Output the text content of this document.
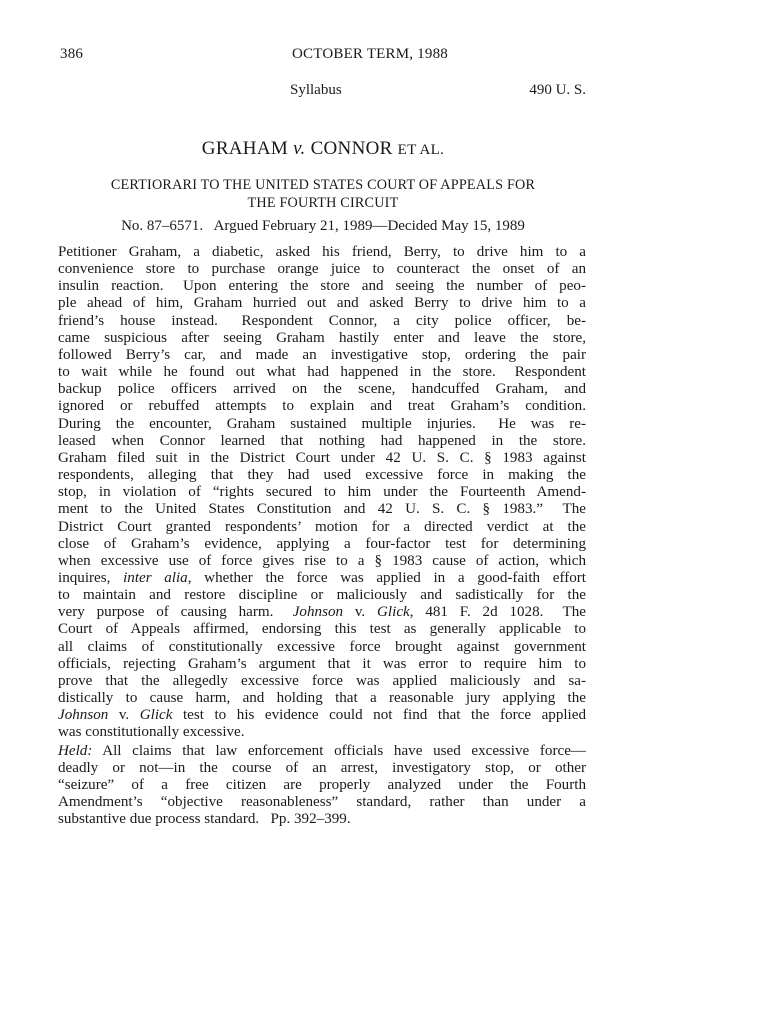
386	OCTOBER TERM, 1988
Syllabus	490 U. S.
GRAHAM v. CONNOR ET AL.
CERTIORARI TO THE UNITED STATES COURT OF APPEALS FOR
THE FOURTH CIRCUIT
No. 87–6571.   Argued February 21, 1989—Decided May 15, 1989

Petitioner Graham, a diabetic, asked his friend, Berry, to drive him to a
convenience store to purchase orange juice to counteract the onset of an
insulin reaction.  Upon entering the store and seeing the number of peo-
ple ahead of him, Graham hurried out and asked Berry to drive him to a
friend’s house instead.  Respondent Connor, a city police officer, be-
came suspicious after seeing Graham hastily enter and leave the store,
followed Berry’s car, and made an investigative stop, ordering the pair
to wait while he found out what had happened in the store.  Respondent
backup police officers arrived on the scene, handcuffed Graham, and
ignored or rebuffed attempts to explain and treat Graham’s condition.
During the encounter, Graham sustained multiple injuries.  He was re-
leased when Connor learned that nothing had happened in the store.
Graham filed suit in the District Court under 42 U. S. C. § 1983 against
respondents, alleging that they had used excessive force in making the
stop, in violation of “rights secured to him under the Fourteenth Amend-
ment to the United States Constitution and 42 U. S. C. § 1983.”  The
District Court granted respondents’ motion for a directed verdict at the
close of Graham’s evidence, applying a four-factor test for determining
when excessive use of force gives rise to a § 1983 cause of action, which
inquires, inter alia, whether the force was applied in a good-faith effort
to maintain and restore discipline or maliciously and sadistically for the
very purpose of causing harm.  Johnson v. Glick, 481 F. 2d 1028.  The
Court of Appeals affirmed, endorsing this test as generally applicable to
all claims of constitutionally excessive force brought against government
officials, rejecting Graham’s argument that it was error to require him to
prove that the allegedly excessive force was applied maliciously and sa-
distically to cause harm, and holding that a reasonable jury applying the
Johnson v. Glick test to his evidence could not find that the force applied
was constitutionally excessive.

Held: All claims that law enforcement officials have used excessive force—
deadly or not—in the course of an arrest, investigatory stop, or other
“seizure” of a free citizen are properly analyzed under the Fourth
Amendment’s “objective reasonableness” standard, rather than under a
substantive due process standard.  Pp. 392–399.
